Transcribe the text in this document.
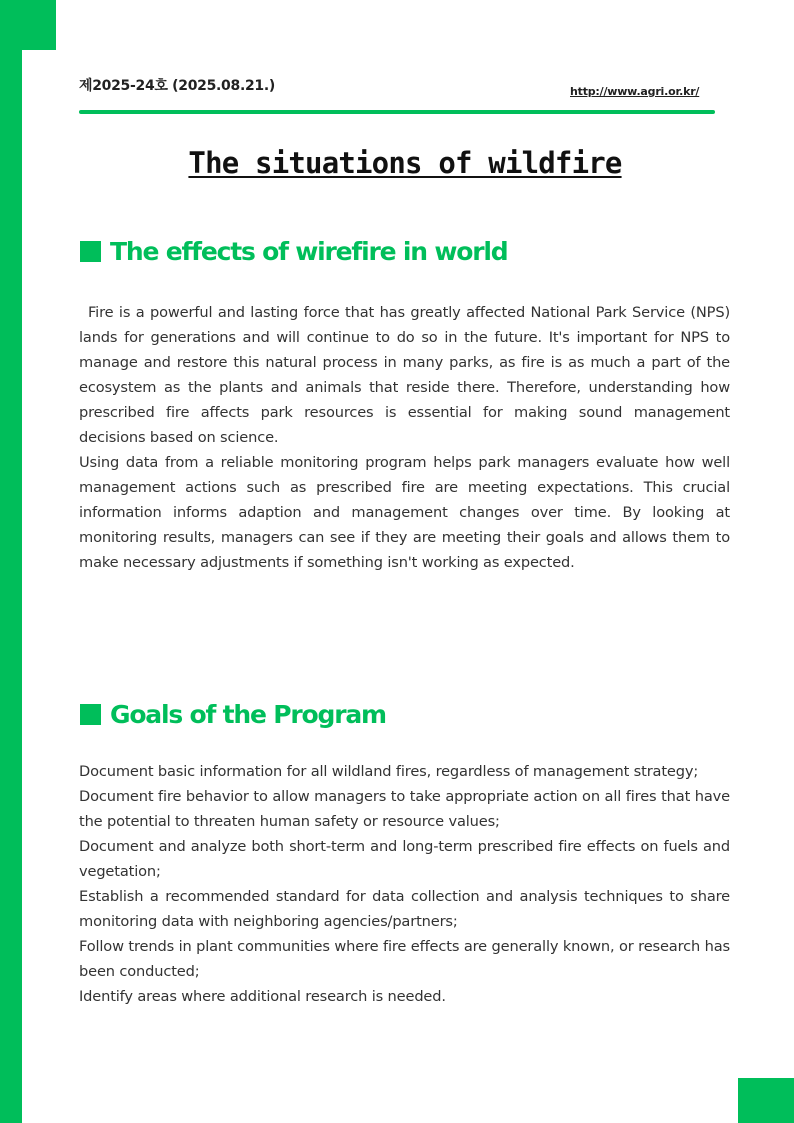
제2025-24호 (2025.08.21.)	http://www.agri.or.kr/
The situations of wildfire
The effects of wirefire in world

Fire is a powerful and lasting force that has greatly affected National Park Service (NPS) lands for generations and will continue to do so in the future. It's important for NPS to manage and restore this natural process in many parks, as fire is as much a part of the ecosystem as the plants and animals that reside there. Therefore, understanding how prescribed fire affects park resources is essential for making sound management decisions based on science.

Using data from a reliable monitoring program helps park managers evaluate how well management actions such as prescribed fire are meeting expectations. This crucial information informs adaption and management changes over time. By looking at monitoring results, managers can see if they are meeting their goals and allows them to make necessary adjustments if something isn't working as expected.

Goals of the Program

Document basic information for all wildland fires, regardless of management strategy;

Document fire behavior to allow managers to take appropriate action on all fires that have the potential to threaten human safety or resource values;

Document and analyze both short-term and long-term prescribed fire effects on fuels and vegetation;

Establish a recommended standard for data collection and analysis techniques to share monitoring data with neighboring agencies/partners;

Follow trends in plant communities where fire effects are generally known, or research has been conducted;

Identify areas where additional research is needed.
